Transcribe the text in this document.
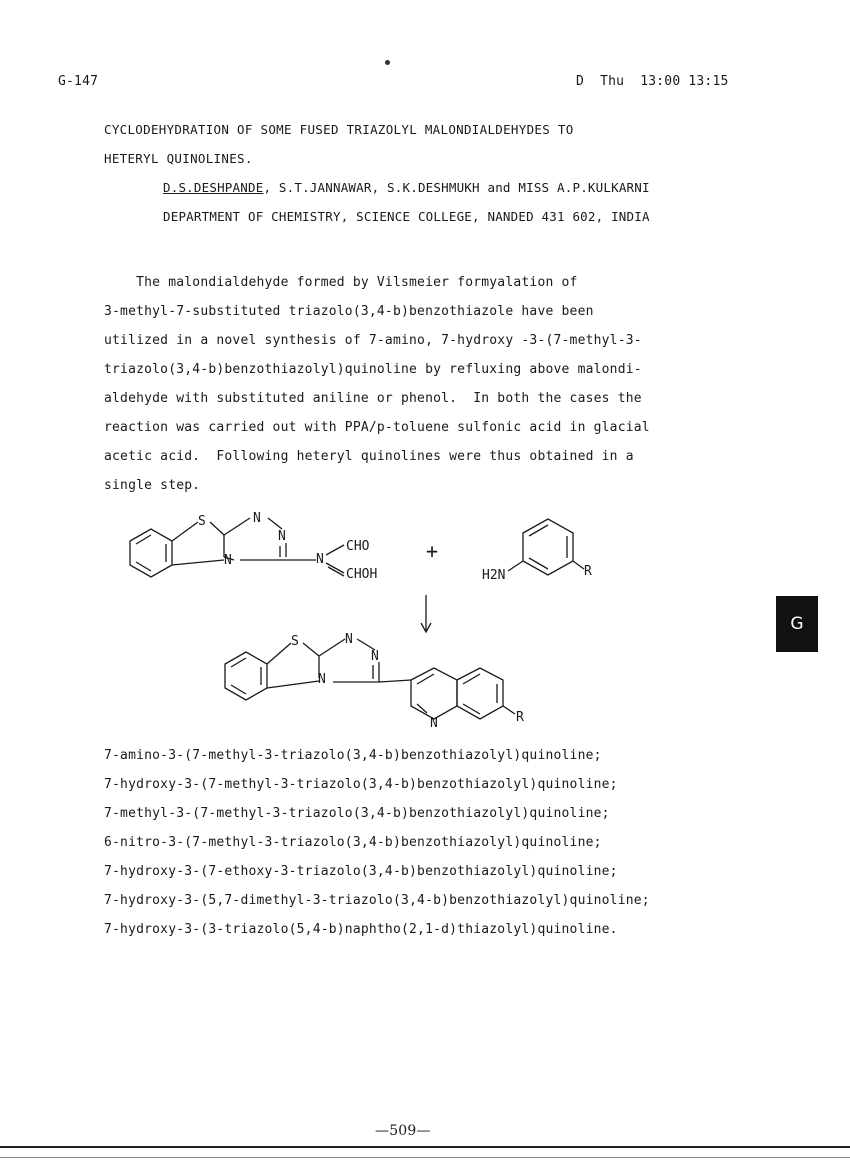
G-147	D  Thu  13:00 13:15
CYCLODEHYDRATION OF SOME FUSED TRIAZOLYL MALONDIALDEHYDES TO
HETERYL QUINOLINES.
D.S.DESHPANDE, S.T.JANNAWAR, S.K.DESHMUKH and MISS A.P.KULKARNI
DEPARTMENT OF CHEMISTRY, SCIENCE COLLEGE, NANDED 431 602, INDIA
The malondialdehyde formed by Vilsmeier formyalation of
3-methyl-7-substituted triazolo(3,4-b)benzothiazole have been
utilized in a novel synthesis of 7-amino, 7-hydroxy -3-(7-methyl-3-
triazolo(3,4-b)benzothiazolyl)quinoline by refluxing above malondi-
aldehyde with substituted aniline or phenol.  In both the cases the
reaction was carried out with PPA/p-toluene sulfonic acid in glacial
acetic acid.  Following heteryl quinolines were thus obtained in a
single step.
S	N
N
N	N
CHO
CHOH
+
H2N	R
S	N
N
N
N	R
7-amino-3-(7-methyl-3-triazolo(3,4-b)benzothiazolyl)quinoline;
7-hydroxy-3-(7-methyl-3-triazolo(3,4-b)benzothiazolyl)quinoline;
7-methyl-3-(7-methyl-3-triazolo(3,4-b)benzothiazolyl)quinoline;
6-nitro-3-(7-methyl-3-triazolo(3,4-b)benzothiazolyl)quinoline;
7-hydroxy-3-(7-ethoxy-3-triazolo(3,4-b)benzothiazolyl)quinoline;
7-hydroxy-3-(5,7-dimethyl-3-triazolo(3,4-b)benzothiazolyl)quinoline;
7-hydroxy-3-(3-triazolo(5,4-b)naphtho(2,1-d)thiazolyl)quinoline.
G
—509—
